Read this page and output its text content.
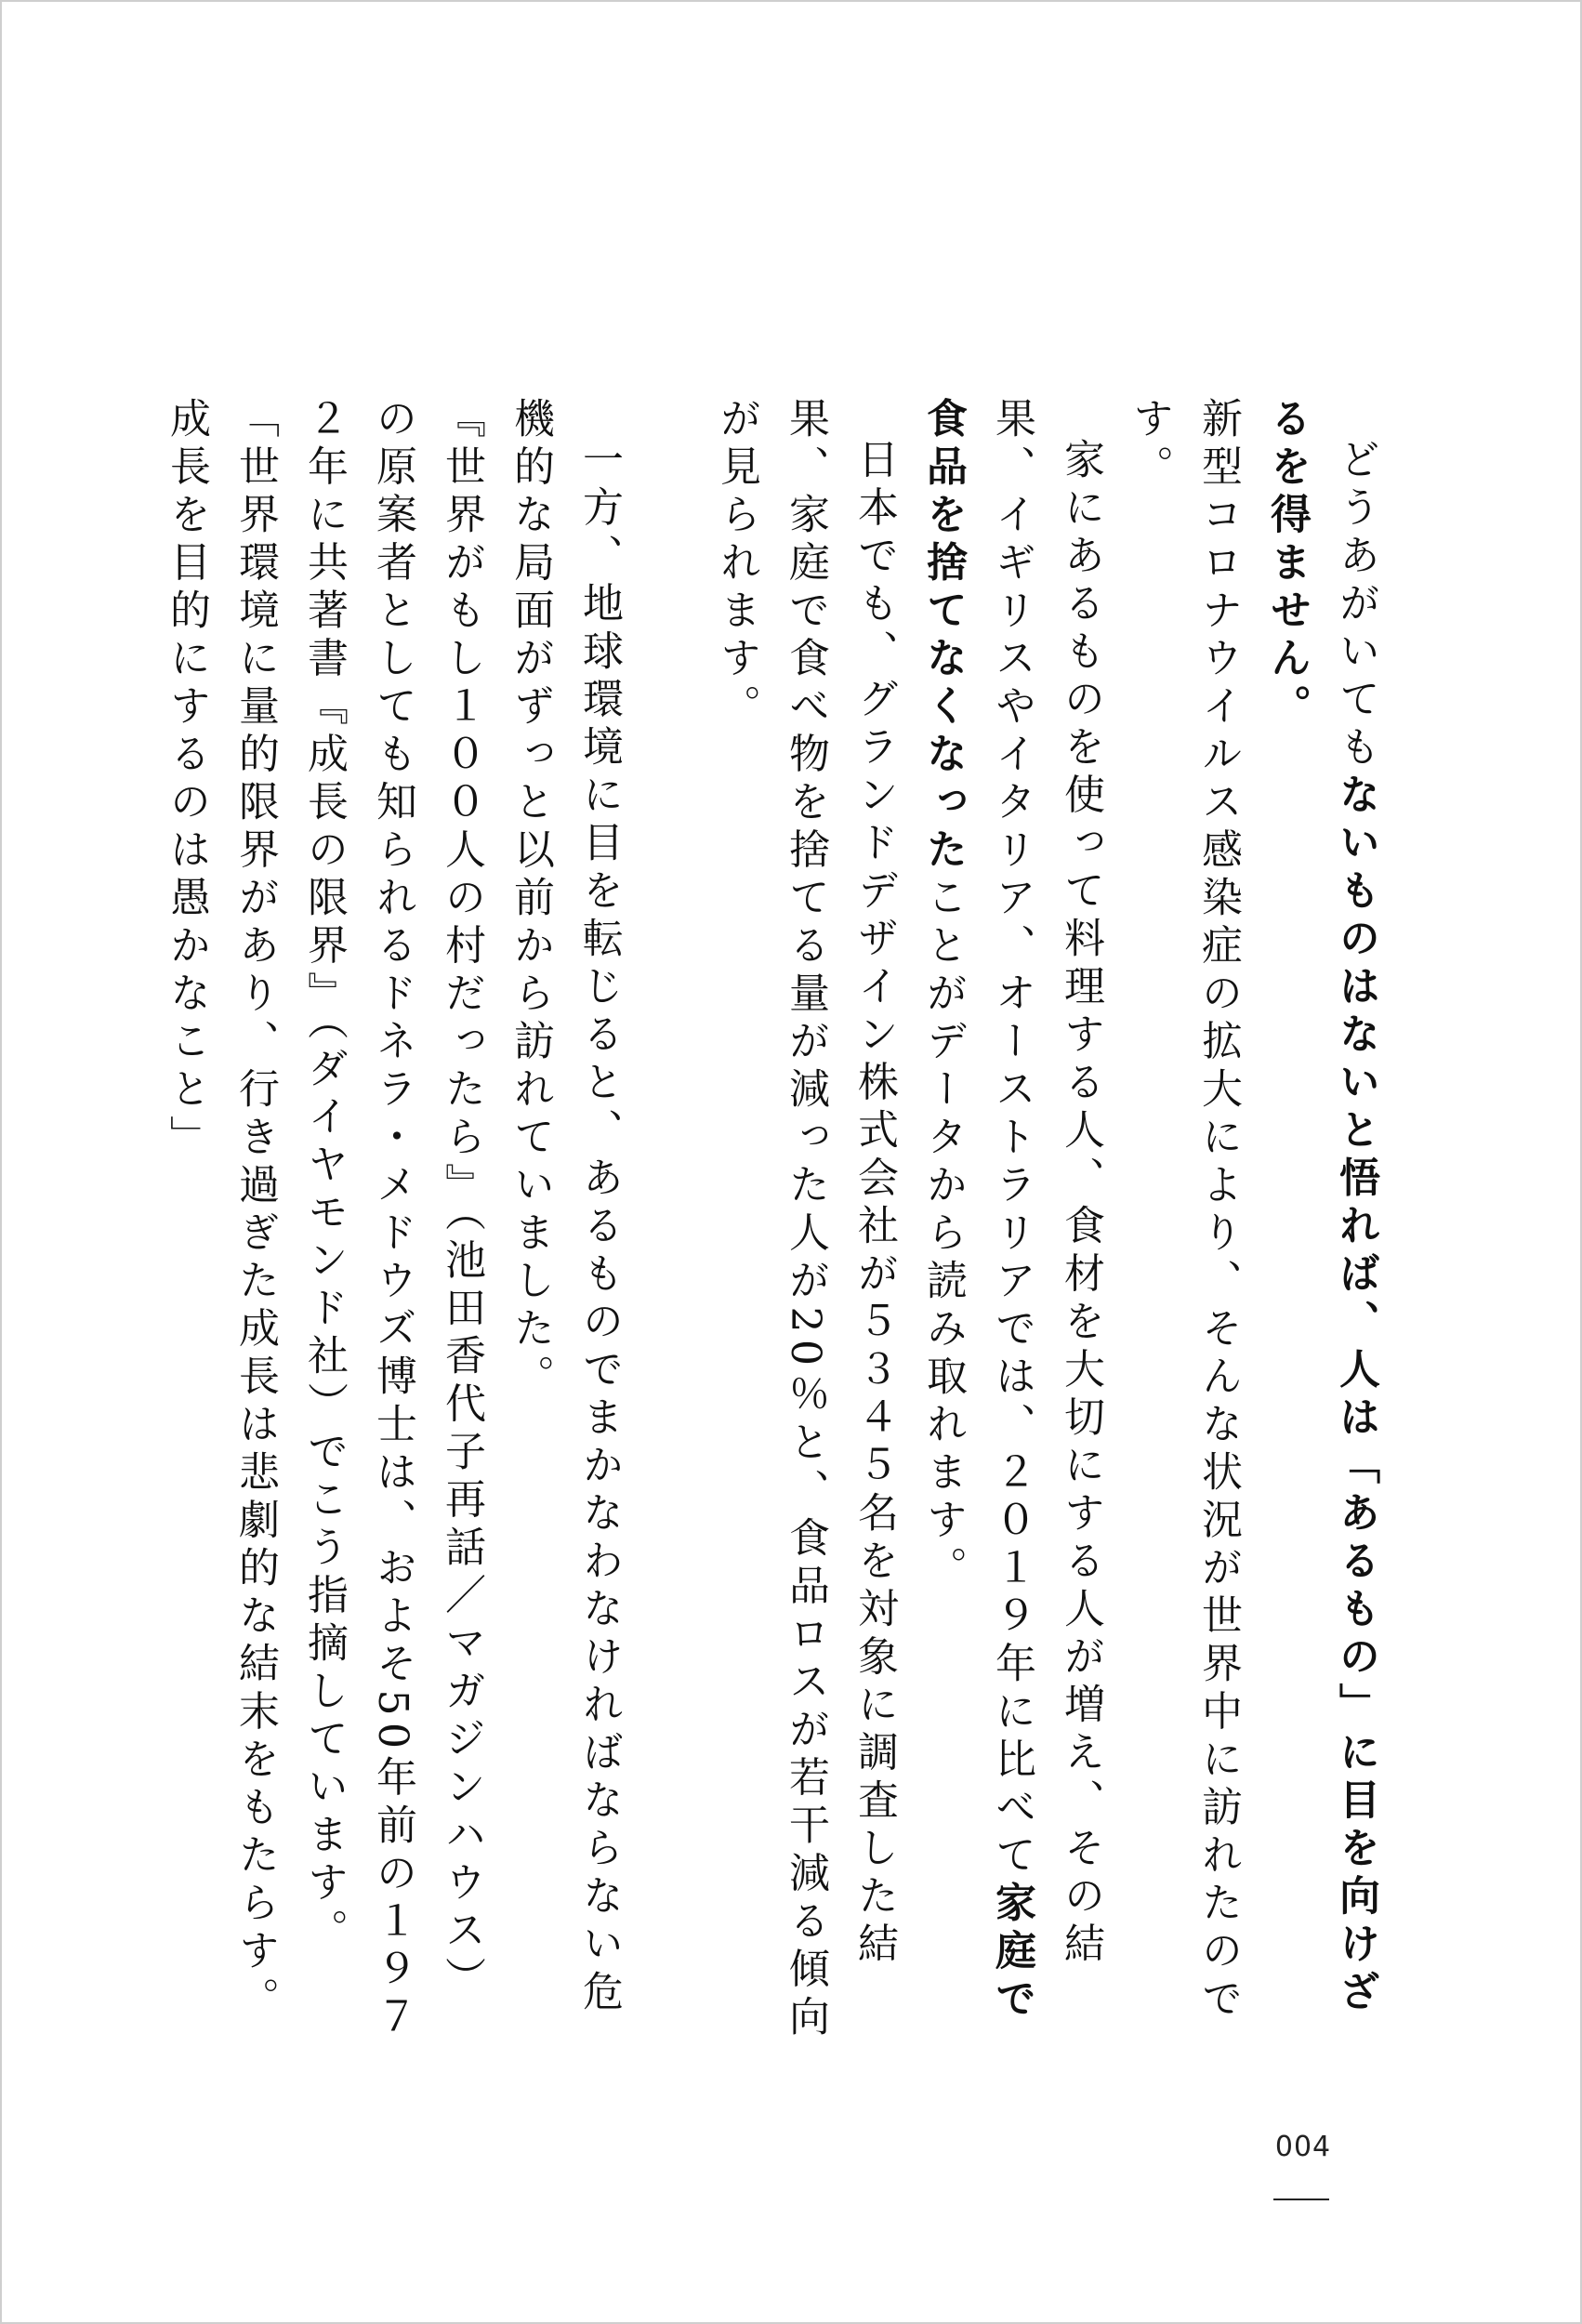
どうあがいてもないものはないと悟れば、人は「あるもの」に目を向けざるを得ません。
新型コロナウイルス感染症の拡大により、そんな状況が世界中に訪れたのです。
家にあるものを使って料理する人、食材を大切にする人が増え、その結果、イギリスやイタリア、オーストラリアでは、２０１９年に比べて家庭で食品を捨てなくなったことがデータから読み取れます。
日本でも、グランドデザイン株式会社が５３４５名を対象に調査した結果、家庭で食べ物を捨てる量が減った人が20％と、食品ロスが若干減る傾向が見られます。
一方、地球環境に目を転じると、あるものでまかなわなければならない危機的な局面がずっと以前から訪れていました。
『世界がもし１００人の村だったら』（池田香代子再話／マガジンハウス）の原案者としても知られるドネラ・メドウズ博士は、およそ50年前の１９７２年に共著書『成長の限界』（ダイヤモンド社）でこう指摘しています。
「世界環境に量的限界があり、行き過ぎた成長は悲劇的な結末をもたらす。成長を目的にするのは愚かなこと」
004
